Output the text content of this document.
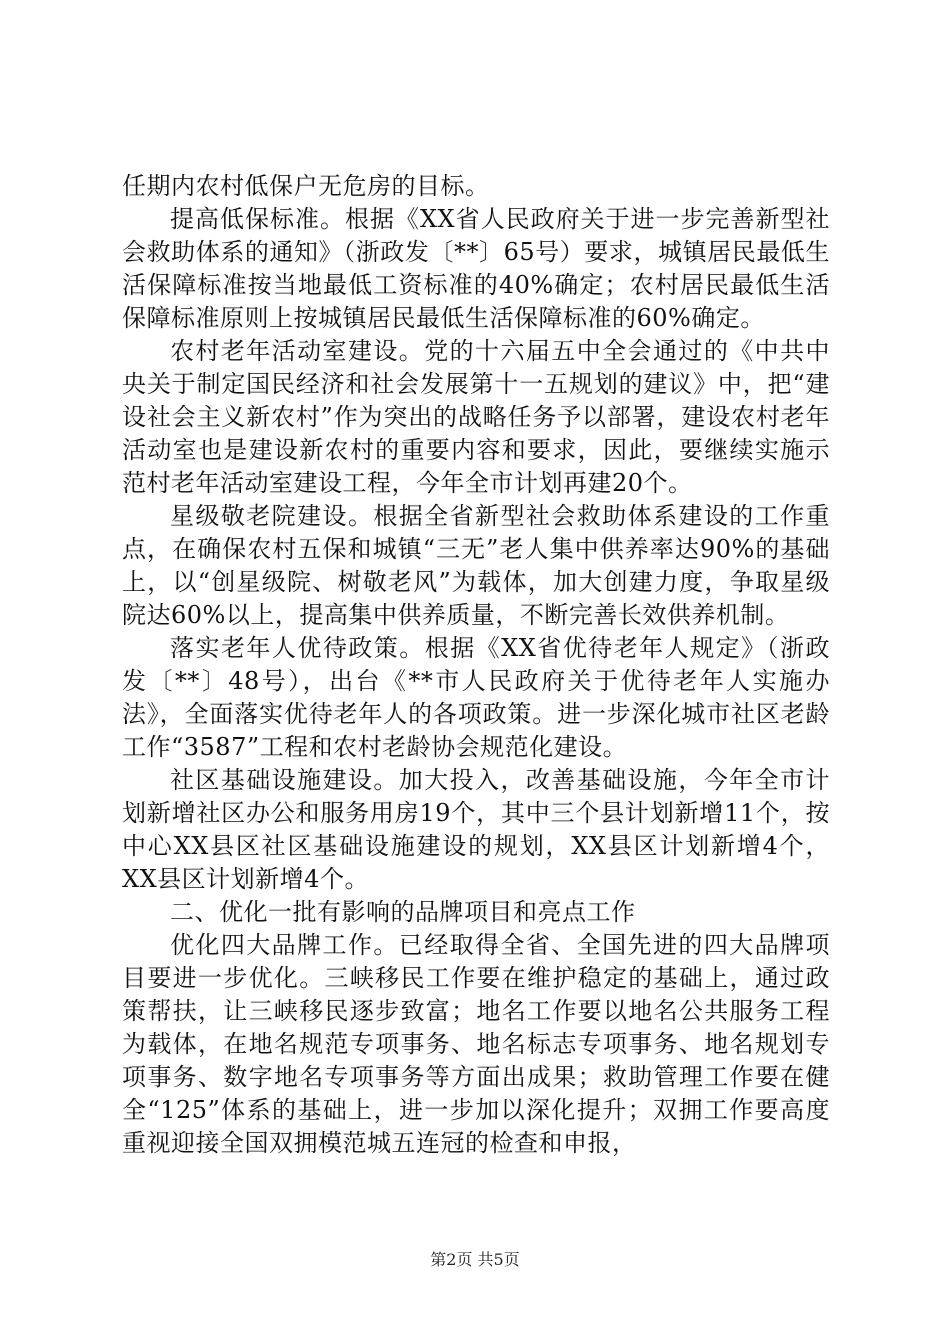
任期内农村低保户无危房的目标。

提高低保标准。根据《XX省人民政府关于进一步完善新型社会救助体系的通知》（浙政发〔**〕65号）要求，城镇居民最低生活保障标准按当地最低工资标准的40%确定；农村居民最低生活保障标准原则上按城镇居民最低生活保障标准的60%确定。

农村老年活动室建设。党的十六届五中全会通过的《中共中央关于制定国民经济和社会发展第十一五规划的建议》中，把“建设社会主义新农村”作为突出的战略任务予以部署，建设农村老年活动室也是建设新农村的重要内容和要求，因此，要继续实施示范村老年活动室建设工程，今年全市计划再建20个。

星级敬老院建设。根据全省新型社会救助体系建设的工作重点，在确保农村五保和城镇“三无”老人集中供养率达90%的基础上，以“创星级院、树敬老风”为载体，加大创建力度，争取星级院达60%以上，提高集中供养质量，不断完善长效供养机制。

落实老年人优待政策。根据《XX省优待老年人规定》（浙政发〔**〕48号），出台《**市人民政府关于优待老年人实施办法》，全面落实优待老年人的各项政策。进一步深化城市社区老龄工作“3587”工程和农村老龄协会规范化建设。

社区基础设施建设。加大投入，改善基础设施，今年全市计划新增社区办公和服务用房19个，其中三个县计划新增11个，按中心XX县区社区基础设施建设的规划，XX县区计划新增4个，XX县区计划新增4个。

二、优化一批有影响的品牌项目和亮点工作

优化四大品牌工作。已经取得全省、全国先进的四大品牌项目要进一步优化。三峡移民工作要在维护稳定的基础上，通过政策帮扶，让三峡移民逐步致富；地名工作要以地名公共服务工程为载体，在地名规范专项事务、地名标志专项事务、地名规划专项事务、数字地名专项事务等方面出成果；救助管理工作要在健全“125”体系的基础上，进一步加以深化提升；双拥工作要高度重视迎接全国双拥模范城五连冠的检查和申报，

第2页 共5页
